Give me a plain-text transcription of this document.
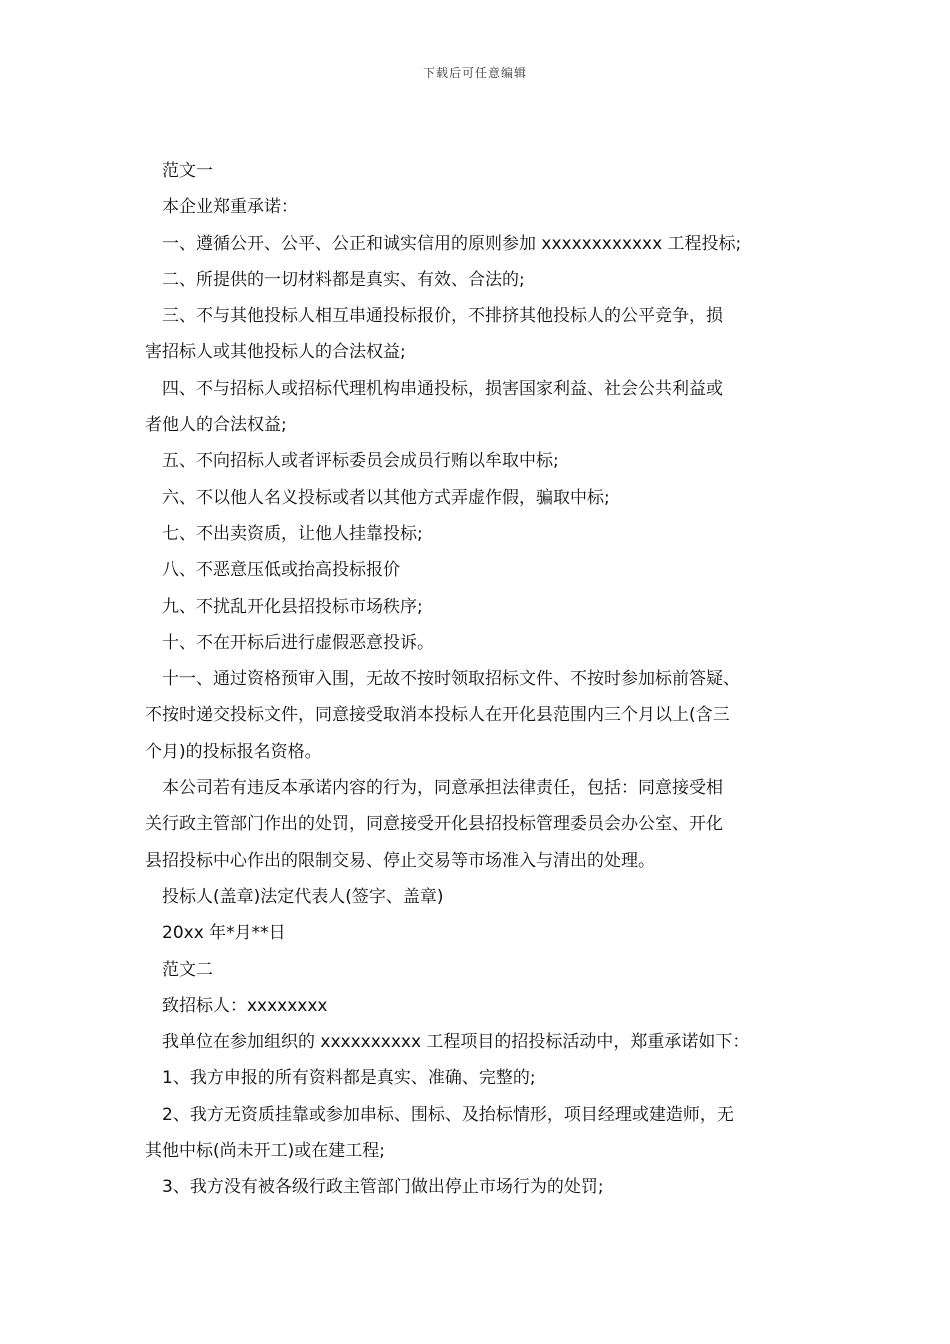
下载后可任意编辑
范文一
本企业郑重承诺：
一、遵循公开、公平、公正和诚实信用的原则参加 xxxxxxxxxxxx 工程投标;
二、所提供的一切材料都是真实、有效、合法的;
三、不与其他投标人相互串通投标报价，不排挤其他投标人的公平竞争，损
害招标人或其他投标人的合法权益;
四、不与招标人或招标代理机构串通投标，损害国家利益、社会公共利益或
者他人的合法权益;
五、不向招标人或者评标委员会成员行贿以牟取中标;
六、不以他人名义投标或者以其他方式弄虚作假，骗取中标;
七、不出卖资质，让他人挂靠投标;
八、不恶意压低或抬高投标报价
九、不扰乱开化县招投标市场秩序;
十、不在开标后进行虚假恶意投诉。
十一、通过资格预审入围，无故不按时领取招标文件、不按时参加标前答疑、
不按时递交投标文件，同意接受取消本投标人在开化县范围内三个月以上(含三
个月)的投标报名资格。
本公司若有违反本承诺内容的行为，同意承担法律责任，包括：同意接受相
关行政主管部门作出的处罚，同意接受开化县招投标管理委员会办公室、开化
县招投标中心作出的限制交易、停止交易等市场准入与清出的处理。
投标人(盖章)法定代表人(签字、盖章)
20xx 年*月**日
范文二
致招标人：xxxxxxxx
我单位在参加组织的 xxxxxxxxxx 工程项目的招投标活动中，郑重承诺如下：
1、我方申报的所有资料都是真实、准确、完整的;
2、我方无资质挂靠或参加串标、围标、及抬标情形，项目经理或建造师，无
其他中标(尚未开工)或在建工程;
3、我方没有被各级行政主管部门做出停止市场行为的处罚;
